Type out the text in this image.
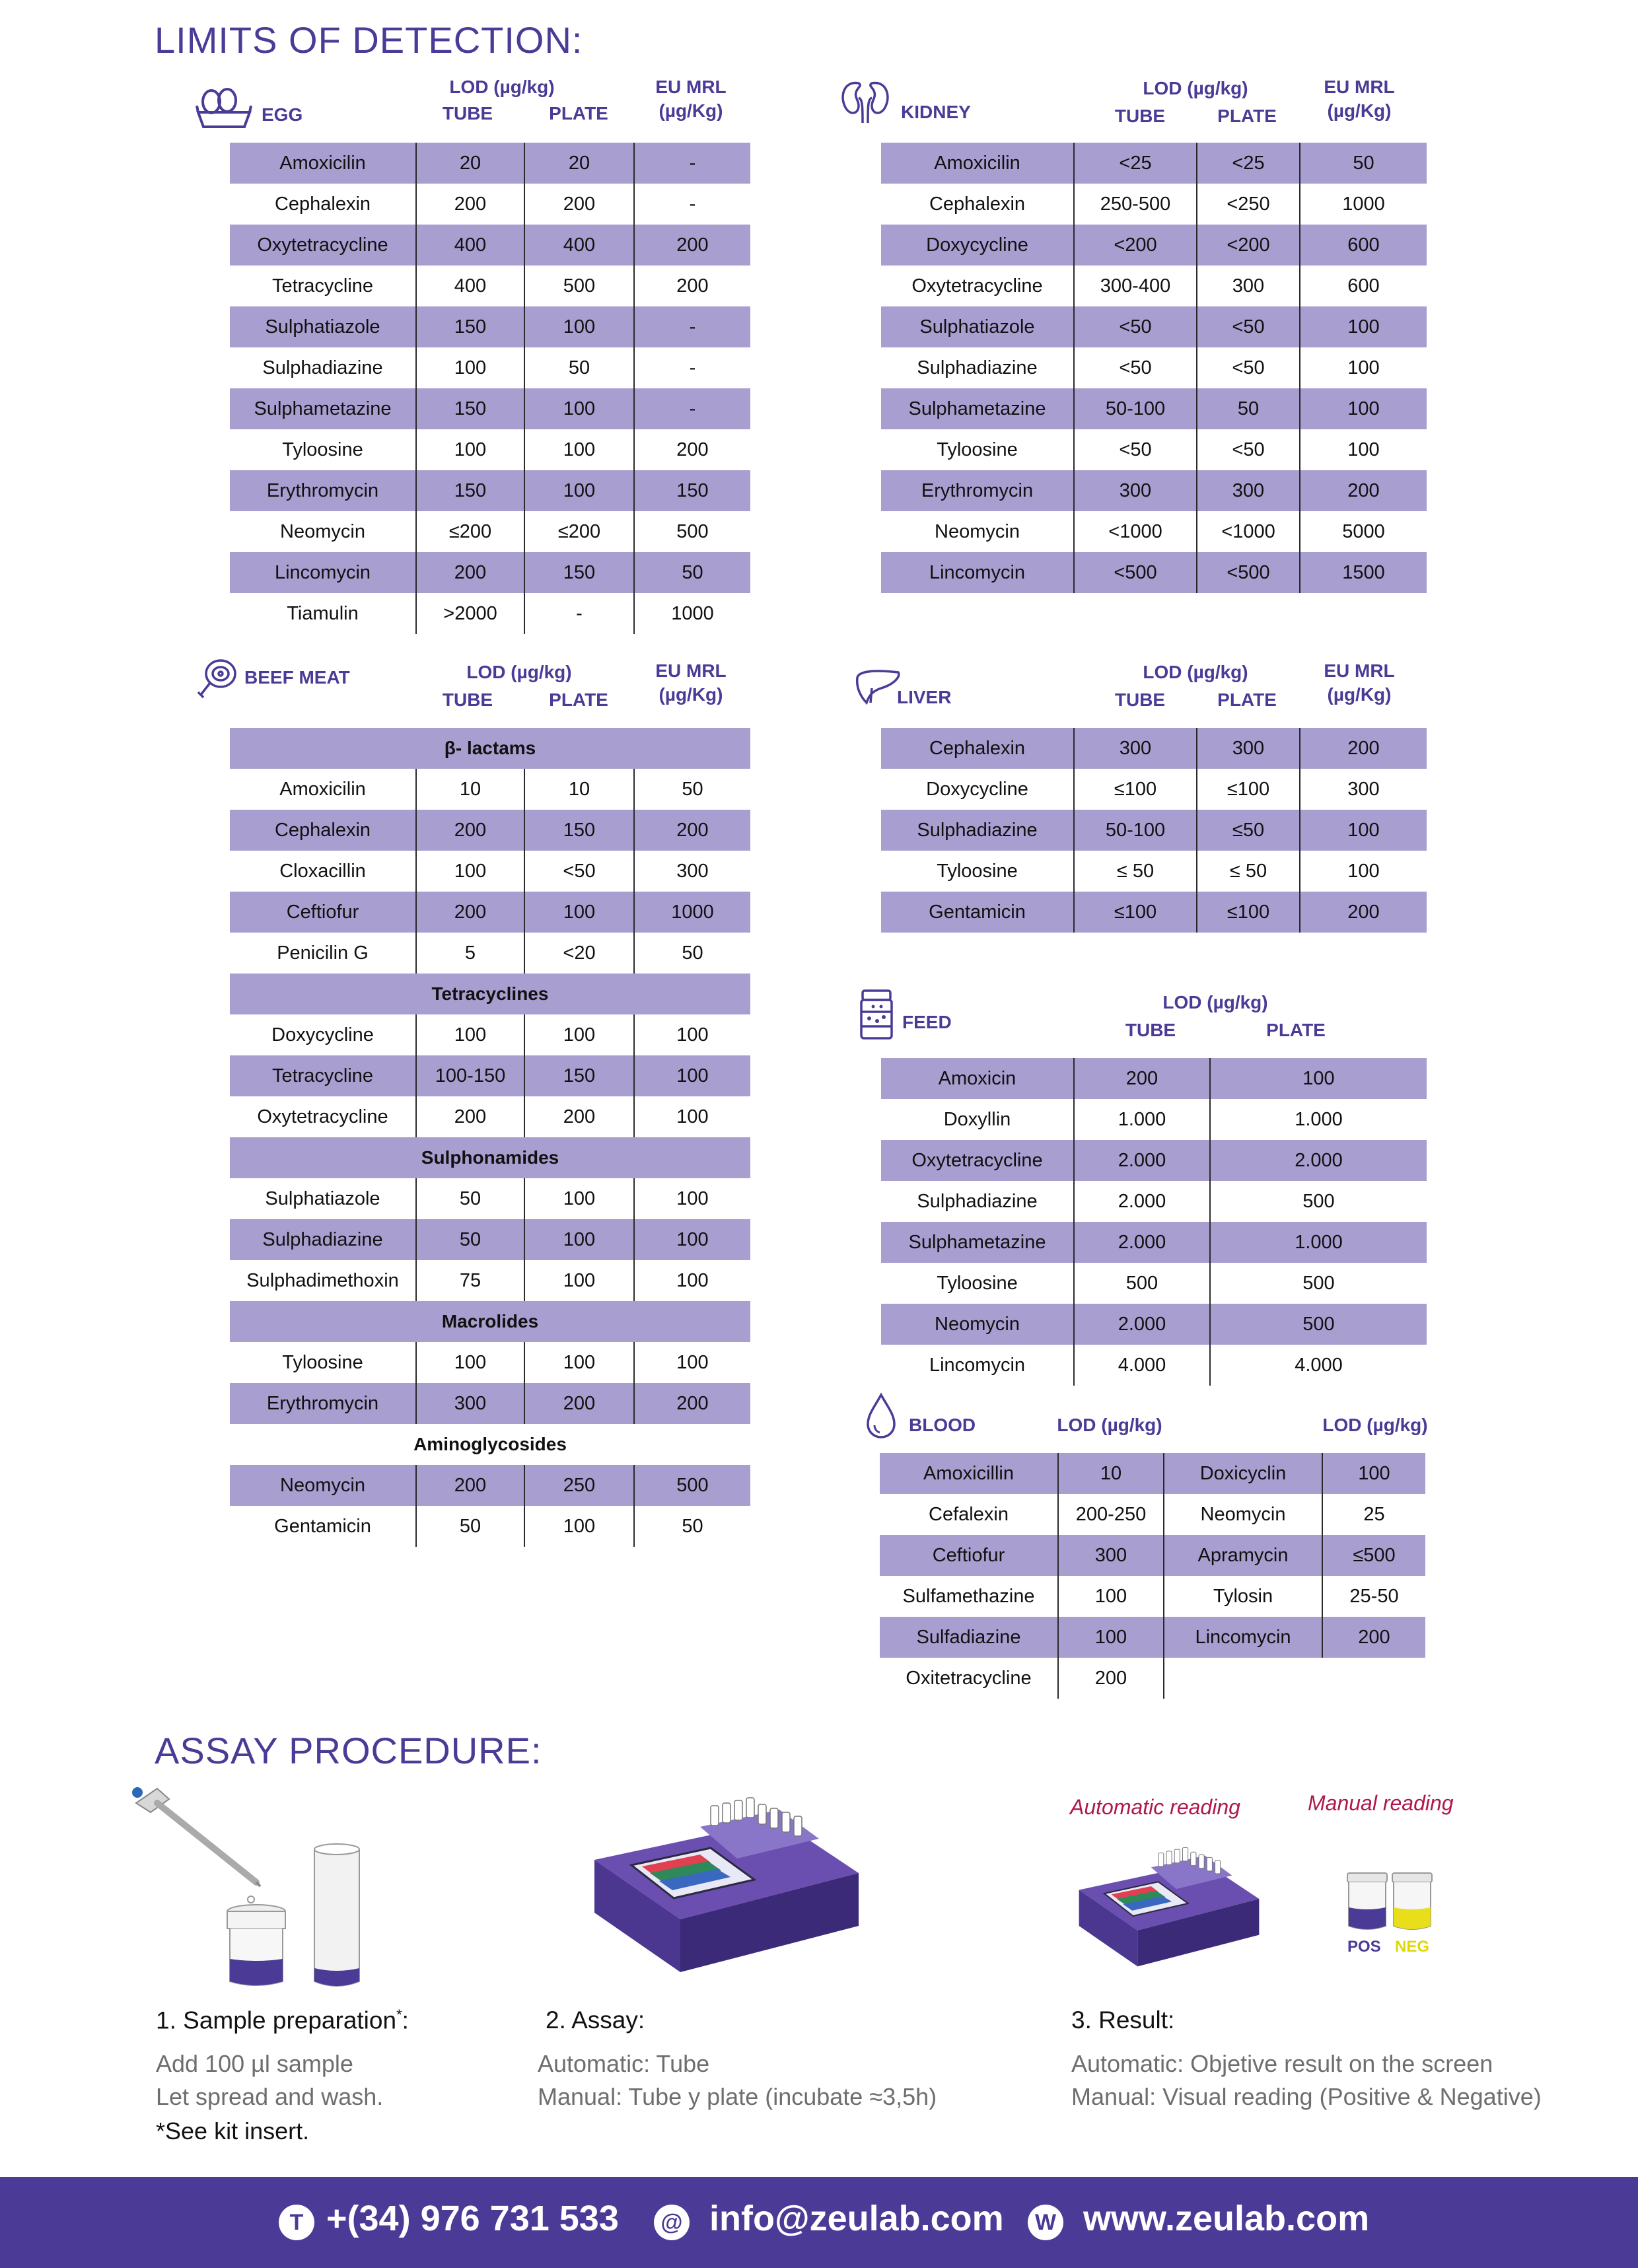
LIMITS OF DETECTION:
EGG
LOD (µg/kg)
TUBE	PLATE
EU MRL
(µg/Kg)
Amoxicilin	20	20	-
Cephalexin	200	200	-
Oxytetracycline	400	400	200
Tetracycline	400	500	200
Sulphatiazole	150	100	-
Sulphadiazine	100	50	-
Sulphametazine	150	100	-
Tyloosine	100	100	200
Erythromycin	150	100	150
Neomycin	≤200	≤200	500
Lincomycin	200	150	50
Tiamulin	>2000	-	1000
KIDNEY
LOD (µg/kg)
TUBE	PLATE
EU MRL
(µg/Kg)
Amoxicilin	<25	<25	50
Cephalexin	250-500	<250	1000
Doxycycline	<200	<200	600
Oxytetracycline	300-400	300	600
Sulphatiazole	<50	<50	100
Sulphadiazine	<50	<50	100
Sulphametazine	50-100	50	100
Tyloosine	<50	<50	100
Erythromycin	300	300	200
Neomycin	<1000	<1000	5000
Lincomycin	<500	<500	1500
BEEF MEAT	LOD (µg/kg)
TUBE	PLATE
EU MRL
(µg/Kg)
β- lactams			
Amoxicilin	10	10	50
Cephalexin	200	150	200
Cloxacillin	100	<50	300
Ceftiofur	200	100	1000
Penicilin G	5	<20	50
Tetracyclines			
Doxycycline	100	100	100
Tetracycline	100-150	150	100
Oxytetracycline	200	200	100
Sulphonamides			
Sulphatiazole	50	100	100
Sulphadiazine	50	100	100
Sulphadimethoxin	75	100	100
Macrolides			
Tyloosine	100	100	100
Erythromycin	300	200	200
Aminoglycosides			
Neomycin	200	250	500
Gentamicin	50	100	50
LIVER
LOD (µg/kg)
TUBE	PLATE
EU MRL
(µg/Kg)
Cephalexin	300	300	200
Doxycycline	≤100	≤100	300
Sulphadiazine	50-100	≤50	100
Tyloosine	≤ 50	≤ 50	100
Gentamicin	≤100	≤100	200
FEED
LOD (µg/kg)
TUBE	PLATE
Amoxicin	200	100
Doxyllin	1.000	1.000
Oxytetracycline	2.000	2.000
Sulphadiazine	2.000	500
Sulphametazine	2.000	1.000
Tyloosine	500	500
Neomycin	2.000	500
Lincomycin	4.000	4.000
BLOOD	LOD (µg/kg)	LOD (µg/kg)
Amoxicillin	10	Doxicyclin	100
Cefalexin	200-250	Neomycin	25
Ceftiofur	300	Apramycin	≤500
Sulfamethazine	100	Tylosin	25-50
Sulfadiazine	100	Lincomycin	200
Oxitetracycline	200		
ASSAY PROCEDURE:
Automatic reading	Manual reading
POS NEG
1. Sample preparation*:
Add 100 µl sample
Let spread and wash.
*See kit insert.
2. Assay:
Automatic: Tube
Manual: Tube y plate (incubate ≈3,5h)
3. Result:
Automatic: Objetive result on the screen
Manual: Visual reading (Positive & Negative)
T +(34) 976 731 533	@ info@zeulab.com	W www.zeulab.com
